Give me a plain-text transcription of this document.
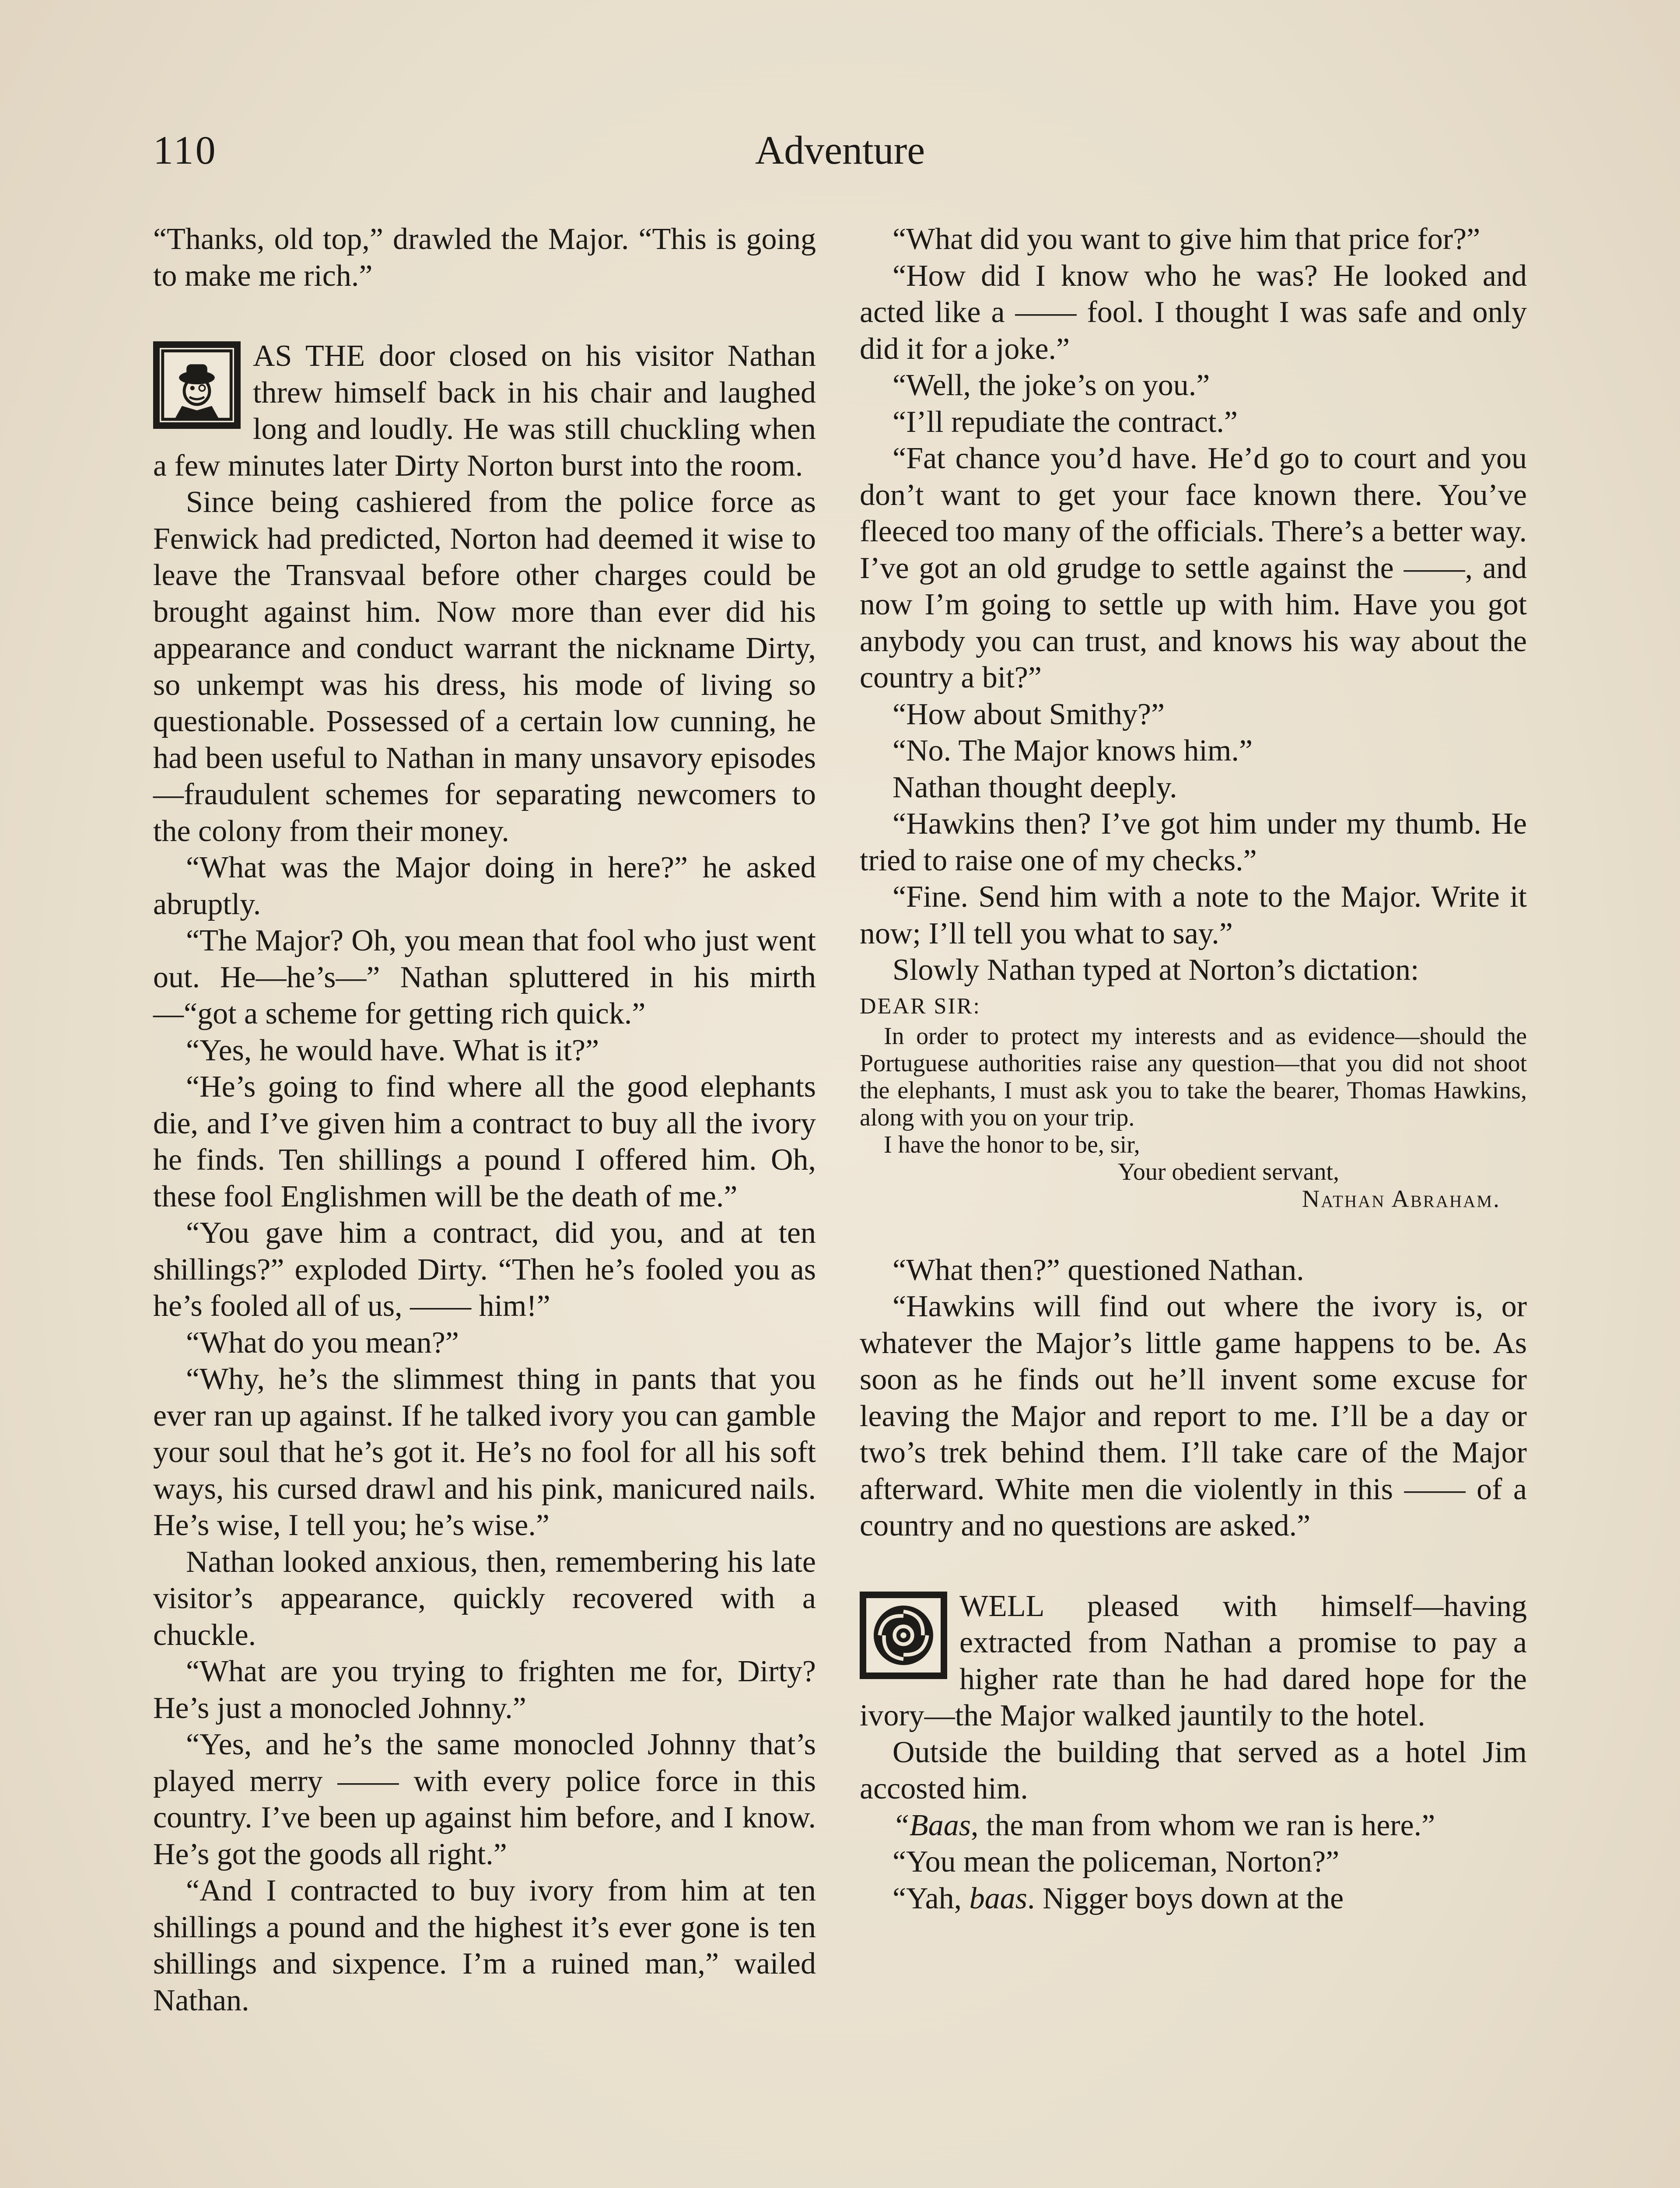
110	Adventure

“Thanks, old top,” drawled the Major. “This is going to make me rich.”

AS THE door closed on his visitor Nathan threw himself back in his chair and laughed long and loudly. He was still chuckling when a few minutes later Dirty Norton burst into the room.

Since being cashiered from the police force as Fenwick had predicted, Norton had deemed it wise to leave the Transvaal before other charges could be brought against him. Now more than ever did his appearance and conduct warrant the nickname Dirty, so unkempt was his dress, his mode of living so questionable. Possessed of a certain low cunning, he had been useful to Nathan in many unsavory episodes—fraudulent schemes for separating newcomers to the colony from their money.

“What was the Major doing in here?” he asked abruptly.

“The Major? Oh, you mean that fool who just went out. He—he’s—” Nathan spluttered in his mirth—“got a scheme for getting rich quick.”

“Yes, he would have. What is it?”

“He’s going to find where all the good elephants die, and I’ve given him a contract to buy all the ivory he finds. Ten shillings a pound I offered him. Oh, these fool Englishmen will be the death of me.”

“You gave him a contract, did you, and at ten shillings?” exploded Dirty. “Then he’s fooled you as he’s fooled all of us, —— him!”

“What do you mean?”

“Why, he’s the slimmest thing in pants that you ever ran up against. If he talked ivory you can gamble your soul that he’s got it. He’s no fool for all his soft ways, his cursed drawl and his pink, manicured nails. He’s wise, I tell you; he’s wise.”

Nathan looked anxious, then, remembering his late visitor’s appearance, quickly recovered with a chuckle.

“What are you trying to frighten me for, Dirty? He’s just a monocled Johnny.”

“Yes, and he’s the same monocled Johnny that’s played merry —— with every police force in this country. I’ve been up against him before, and I know. He’s got the goods all right.”

“And I contracted to buy ivory from him at ten shillings a pound and the highest it’s ever gone is ten shillings and sixpence. I’m a ruined man,” wailed Nathan.

“What did you want to give him that price for?”

“How did I know who he was? He looked and acted like a —— fool. I thought I was safe and only did it for a joke.”

“Well, the joke’s on you.”

“I’ll repudiate the contract.”

“Fat chance you’d have. He’d go to court and you don’t want to get your face known there. You’ve fleeced too many of the officials. There’s a better way. I’ve got an old grudge to settle against the ——, and now I’m going to settle up with him. Have you got anybody you can trust, and knows his way about the country a bit?”

“How about Smithy?”

“No. The Major knows him.”

Nathan thought deeply.

“Hawkins then? I’ve got him under my thumb. He tried to raise one of my checks.”

“Fine. Send him with a note to the Major. Write it now; I’ll tell you what to say.”

Slowly Nathan typed at Norton’s dictation:

DEAR SIR:

In order to protect my interests and as evidence—should the Portuguese authorities raise any question—that you did not shoot the elephants, I must ask you to take the bearer, Thomas Hawkins, along with you on your trip.

I have the honor to be, sir,

Your obedient servant,

Nathan Abraham.

“What then?” questioned Nathan.

“Hawkins will find out where the ivory is, or whatever the Major’s little game happens to be. As soon as he finds out he’ll invent some excuse for leaving the Major and report to me. I’ll be a day or two’s trek behind them. I’ll take care of the Major afterward. White men die violently in this —— of a country and no questions are asked.”

WELL pleased with himself—having extracted from Nathan a promise to pay a higher rate than he had dared hope for the ivory—the Major walked jauntily to the hotel.

Outside the building that served as a hotel Jim accosted him.

“Baas, the man from whom we ran is here.”

“You mean the policeman, Norton?”

“Yah, baas. Nigger boys down at the
